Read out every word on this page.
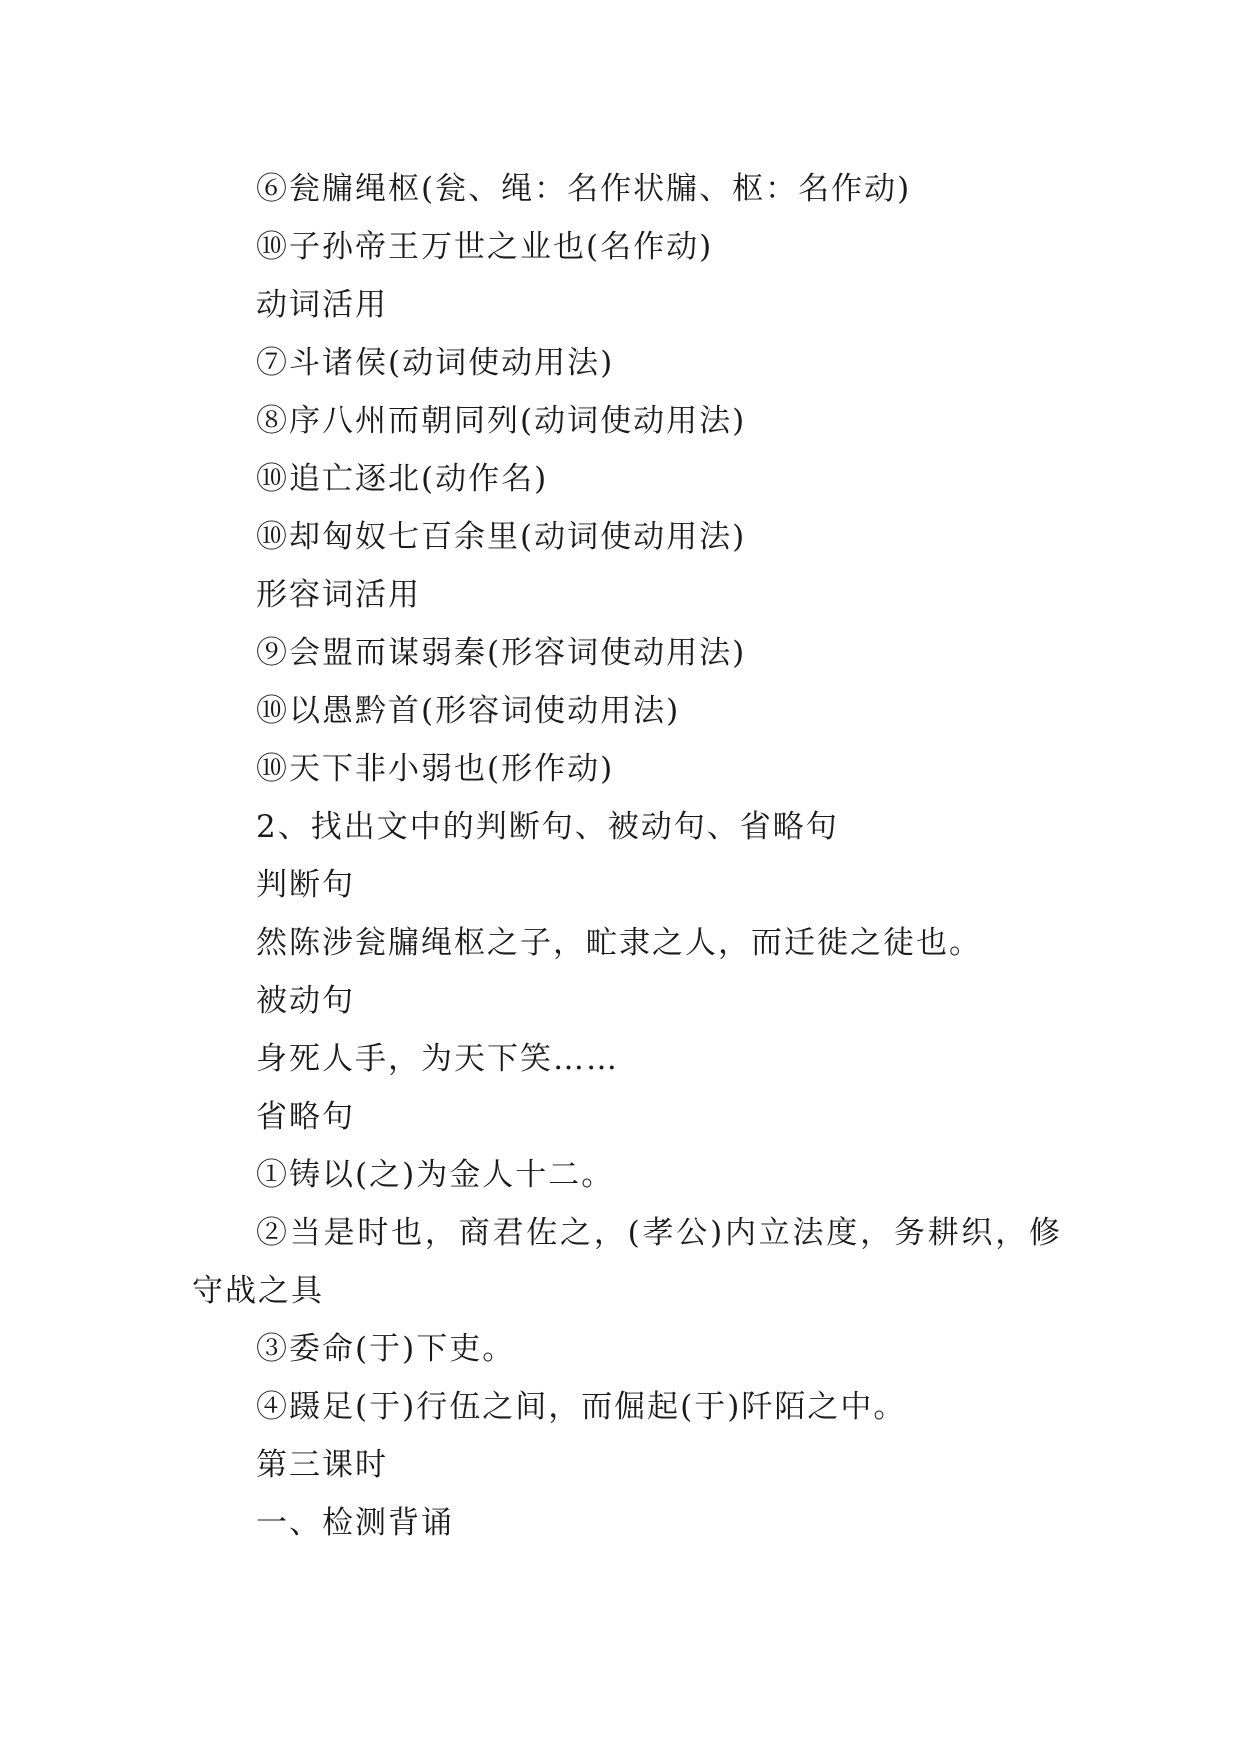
⑥瓮牖绳枢(瓮、绳：名作状牖、枢：名作动)
⑩子孙帝王万世之业也(名作动)
动词活用
⑦斗诸侯(动词使动用法)
⑧序八州而朝同列(动词使动用法)
⑩追亡逐北(动作名)
⑩却匈奴七百余里(动词使动用法)
形容词活用
⑨会盟而谋弱秦(形容词使动用法)
⑩以愚黔首(形容词使动用法)
⑩天下非小弱也(形作动)
2、找出文中的判断句、被动句、省略句
判断句
然陈涉瓮牖绳枢之子，甿隶之人，而迁徙之徒也。
被动句
身死人手，为天下笑……
省略句
①铸以(之)为金人十二。
②当是时也，商君佐之，(孝公)内立法度，务耕织，修守战之具
③委命(于)下吏。
④蹑足(于)行伍之间，而倔起(于)阡陌之中。
第三课时
一、检测背诵
